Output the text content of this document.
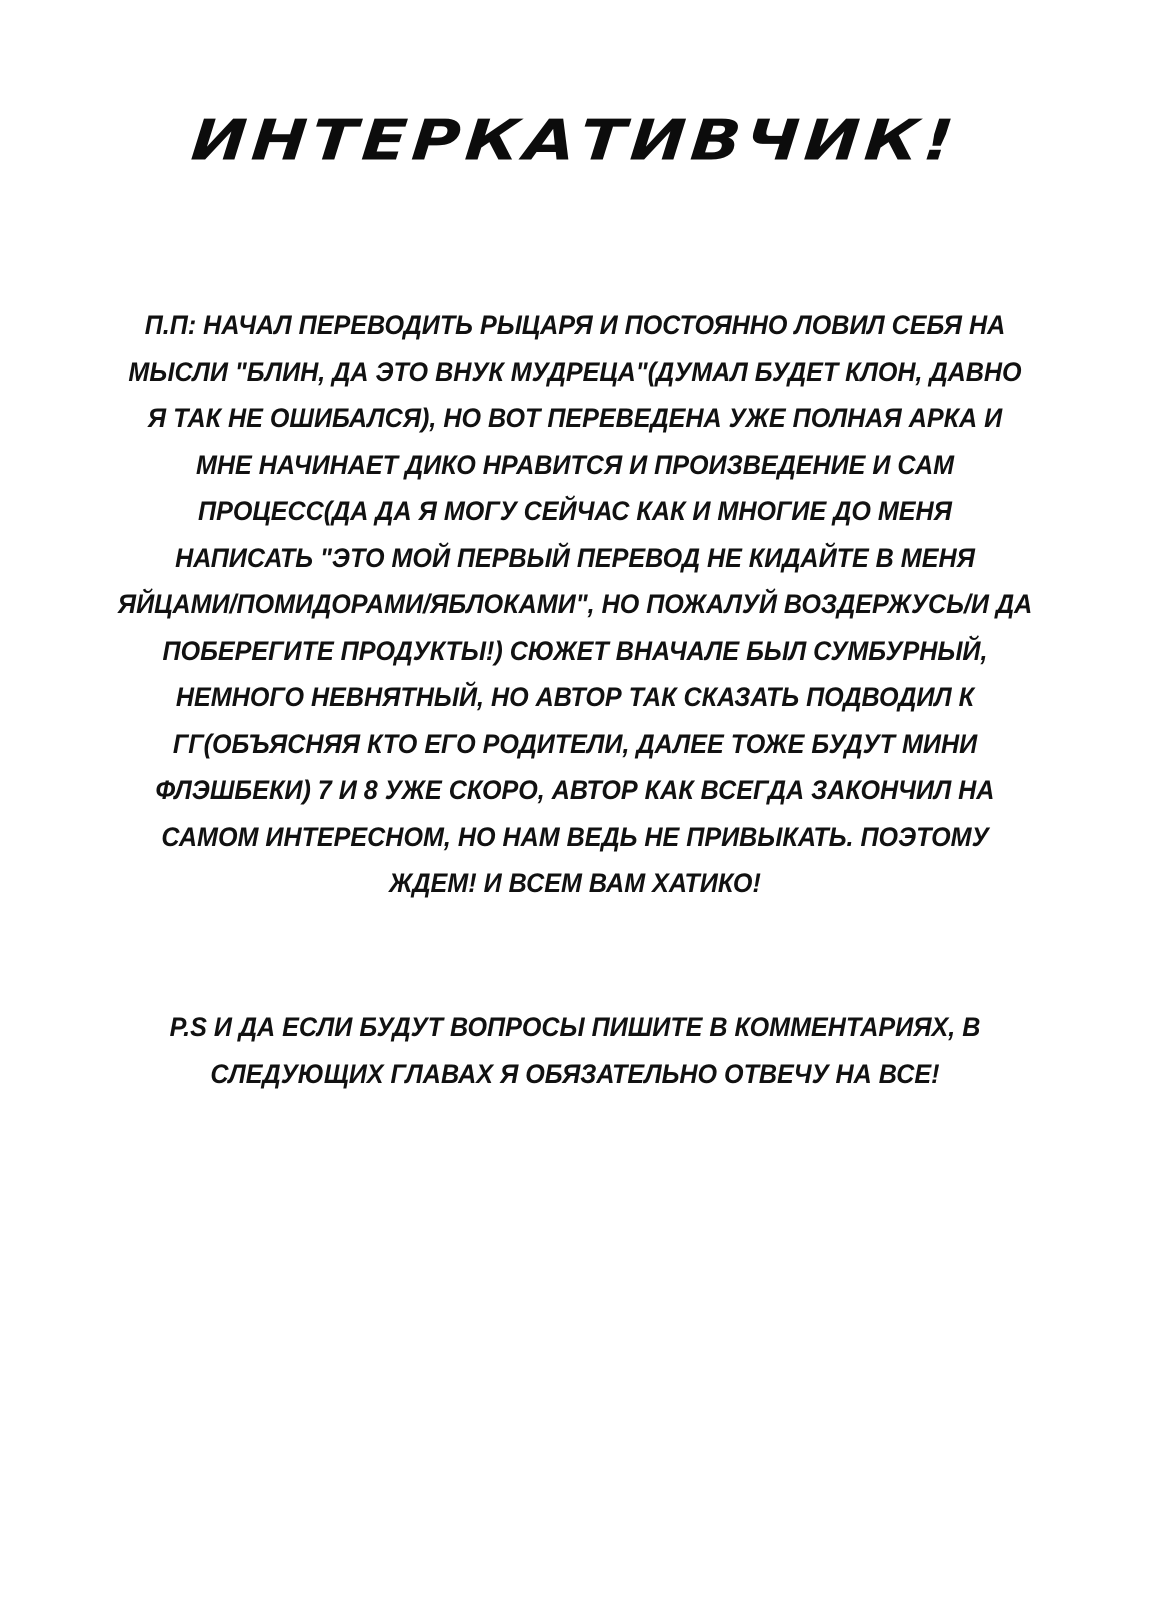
ИНТЕРКАТИВЧИК!
П.П: НАЧАЛ ПЕРЕВОДИТЬ РЫЦАРЯ И ПОСТОЯННО ЛОВИЛ СЕБЯ НА
МЫСЛИ "БЛИН, ДА ЭТО ВНУК МУДРЕЦА"(ДУМАЛ БУДЕТ КЛОН, ДАВНО
Я ТАК НЕ ОШИБАЛСЯ), НО ВОТ ПЕРЕВЕДЕНА УЖЕ ПОЛНАЯ АРКА И
МНЕ НАЧИНАЕТ ДИКО НРАВИТСЯ И ПРОИЗВЕДЕНИЕ И САМ
ПРОЦЕСС(ДА ДА Я МОГУ СЕЙЧАС КАК И МНОГИЕ ДО МЕНЯ
НАПИСАТЬ "ЭТО МОЙ ПЕРВЫЙ ПЕРЕВОД НЕ КИДАЙТЕ В МЕНЯ
ЯЙЦАМИ/ПОМИДОРАМИ/ЯБЛОКАМИ", НО ПОЖАЛУЙ ВОЗДЕРЖУСЬ/И ДА
ПОБЕРЕГИТЕ ПРОДУКТЫ!) СЮЖЕТ ВНАЧАЛЕ БЫЛ СУМБУРНЫЙ,
НЕМНОГО НЕВНЯТНЫЙ, НО АВТОР ТАК СКАЗАТЬ ПОДВОДИЛ К
ГГ(ОБЪЯСНЯЯ КТО ЕГО РОДИТЕЛИ, ДАЛЕЕ ТОЖЕ БУДУТ МИНИ
ФЛЭШБЕКИ) 7 И 8 УЖЕ СКОРО, АВТОР КАК ВСЕГДА ЗАКОНЧИЛ НА
САМОМ ИНТЕРЕСНОМ, НО НАМ ВЕДЬ НЕ ПРИВЫКАТЬ. ПОЭТОМУ
ЖДЕМ! И ВСЕМ ВАМ ХАТИКО!
P.S И ДА ЕСЛИ БУДУТ ВОПРОСЫ ПИШИТЕ В КОММЕНТАРИЯХ, В
СЛЕДУЮЩИХ ГЛАВАХ Я ОБЯЗАТЕЛЬНО ОТВЕЧУ НА ВСЕ!
